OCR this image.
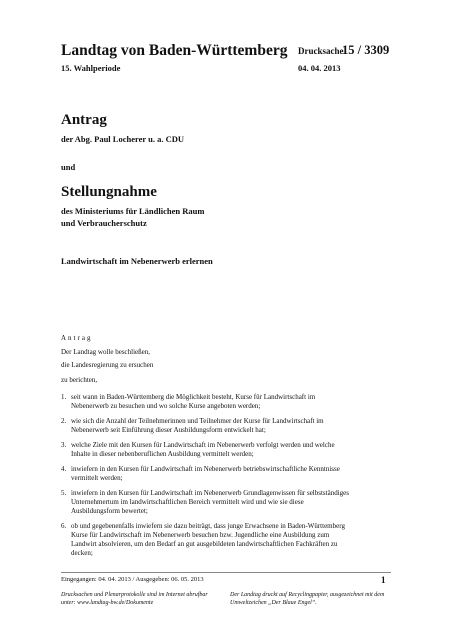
Landtag von Baden-Württemberg Drucksache
15 / 3309
15. Wahlperiode	04. 04. 2013
Antrag
der Abg. Paul Locherer u. a. CDU
und
Stellungnahme
des Ministeriums für Ländlichen Raum
und Verbraucherschutz
Landwirtschaft im Nebenerwerb erlernen
Antrag
Der Landtag wolle beschließen,
die Landesregierung zu ersuchen
zu berichten,
1. seit wann in Baden-Württemberg die Möglichkeit besteht, Kurse für Landwirtschaft im Nebenerwerb zu besuchen und wo solche Kurse angeboten werden;
2. wie sich die Anzahl der Teilnehmerinnen und Teilnehmer der Kurse für Landwirtschaft im Nebenerwerb seit Einführung dieser Ausbildungsform entwickelt hat;
3. welche Ziele mit den Kursen für Landwirtschaft im Nebenerwerb verfolgt werden und welche Inhalte in dieser nebenberuflichen Ausbildung vermittelt werden;
4. inwiefern in den Kursen für Landwirtschaft im Nebenerwerb betriebswirtschaftliche Kenntnisse vermittelt werden;
5. inwiefern in den Kursen für Landwirtschaft im Nebenerwerb Grundlagenwissen für selbstständiges Unternehmertum im landwirtschaftlichen Bereich vermittelt wird und wie sie diese Ausbildungsform bewertet;
6. ob und gegebenenfalls inwiefern sie dazu beiträgt, dass junge Erwachsene in Baden-Württemberg Kurse für Landwirtschaft im Nebenerwerb besuchen bzw. Jugendliche eine Ausbildung zum Landwirt absolvieren, um den Bedarf an gut ausgebildeten landwirtschaftlichen Fachkräften zu decken;
Eingegangen: 04. 04. 2013 / Ausgegeben: 06. 05. 2013	1
Drucksachen und Plenarprotokolle sind im Internet abrufbar unter: www.landtag-bw.de/Dokumente
Der Landtag druckt auf Recyclingpapier, ausgezeichnet mit dem Umweltzeichen „Der Blaue Engel“.
